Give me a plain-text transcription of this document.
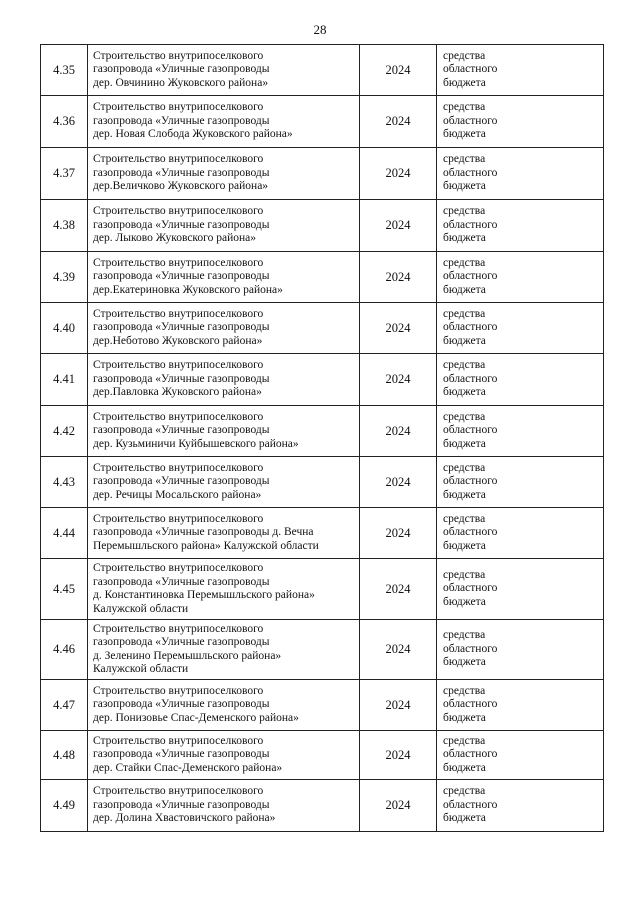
28
4.35
Строительство внутрипоселкового
газопровода «Уличные газопроводы
дер. Овчинино Жуковского района»
2024
средства
областного
бюджета
4.36
Строительство внутрипоселкового
газопровода «Уличные газопроводы
дер. Новая Слобода Жуковского района»
2024
средства
областного
бюджета
4.37
Строительство внутрипоселкового
газопровода «Уличные газопроводы
дер.Величково Жуковского района»
2024
средства
областного
бюджета
4.38
Строительство внутрипоселкового
газопровода «Уличные газопроводы
дер. Лыково Жуковского района»
2024
средства
областного
бюджета
4.39
Строительство внутрипоселкового
газопровода «Уличные газопроводы
дер.Екатериновка Жуковского района»
2024
средства
областного
бюджета
4.40
Строительство внутрипоселкового
газопровода «Уличные газопроводы
дер.Неботово Жуковского района»
2024
средства
областного
бюджета
4.41
Строительство внутрипоселкового
газопровода «Уличные газопроводы
дер.Павловка Жуковского района»
2024
средства
областного
бюджета
4.42
Строительство внутрипоселкового
газопровода «Уличные газопроводы
дер. Кузьминичи Куйбышевского района»
2024
средства
областного
бюджета
4.43
Строительство внутрипоселкового
газопровода «Уличные газопроводы
дер. Речицы Мосальского района»
2024
средства
областного
бюджета
4.44
Строительство внутрипоселкового
газопровода «Уличные газопроводы д. Вечна
Перемышльского района» Калужской области
2024
средства
областного
бюджета
4.45
Строительство внутрипоселкового
газопровода «Уличные газопроводы
д. Константиновка Перемышльского района»
Калужской области
2024
средства
областного
бюджета
4.46
Строительство внутрипоселкового
газопровода «Уличные газопроводы
д. Зеленино Перемышльского района»
Калужской области
2024
средства
областного
бюджета
4.47
Строительство внутрипоселкового
газопровода «Уличные газопроводы
дер. Понизовье Спас-Деменского района»
2024
средства
областного
бюджета
4.48
Строительство внутрипоселкового
газопровода «Уличные газопроводы
дер. Стайки Спас-Деменского района»
2024
средства
областного
бюджета
4.49
Строительство внутрипоселкового
газопровода «Уличные газопроводы
дер. Долина Хвастовичского района»
2024
средства
областного
бюджета
